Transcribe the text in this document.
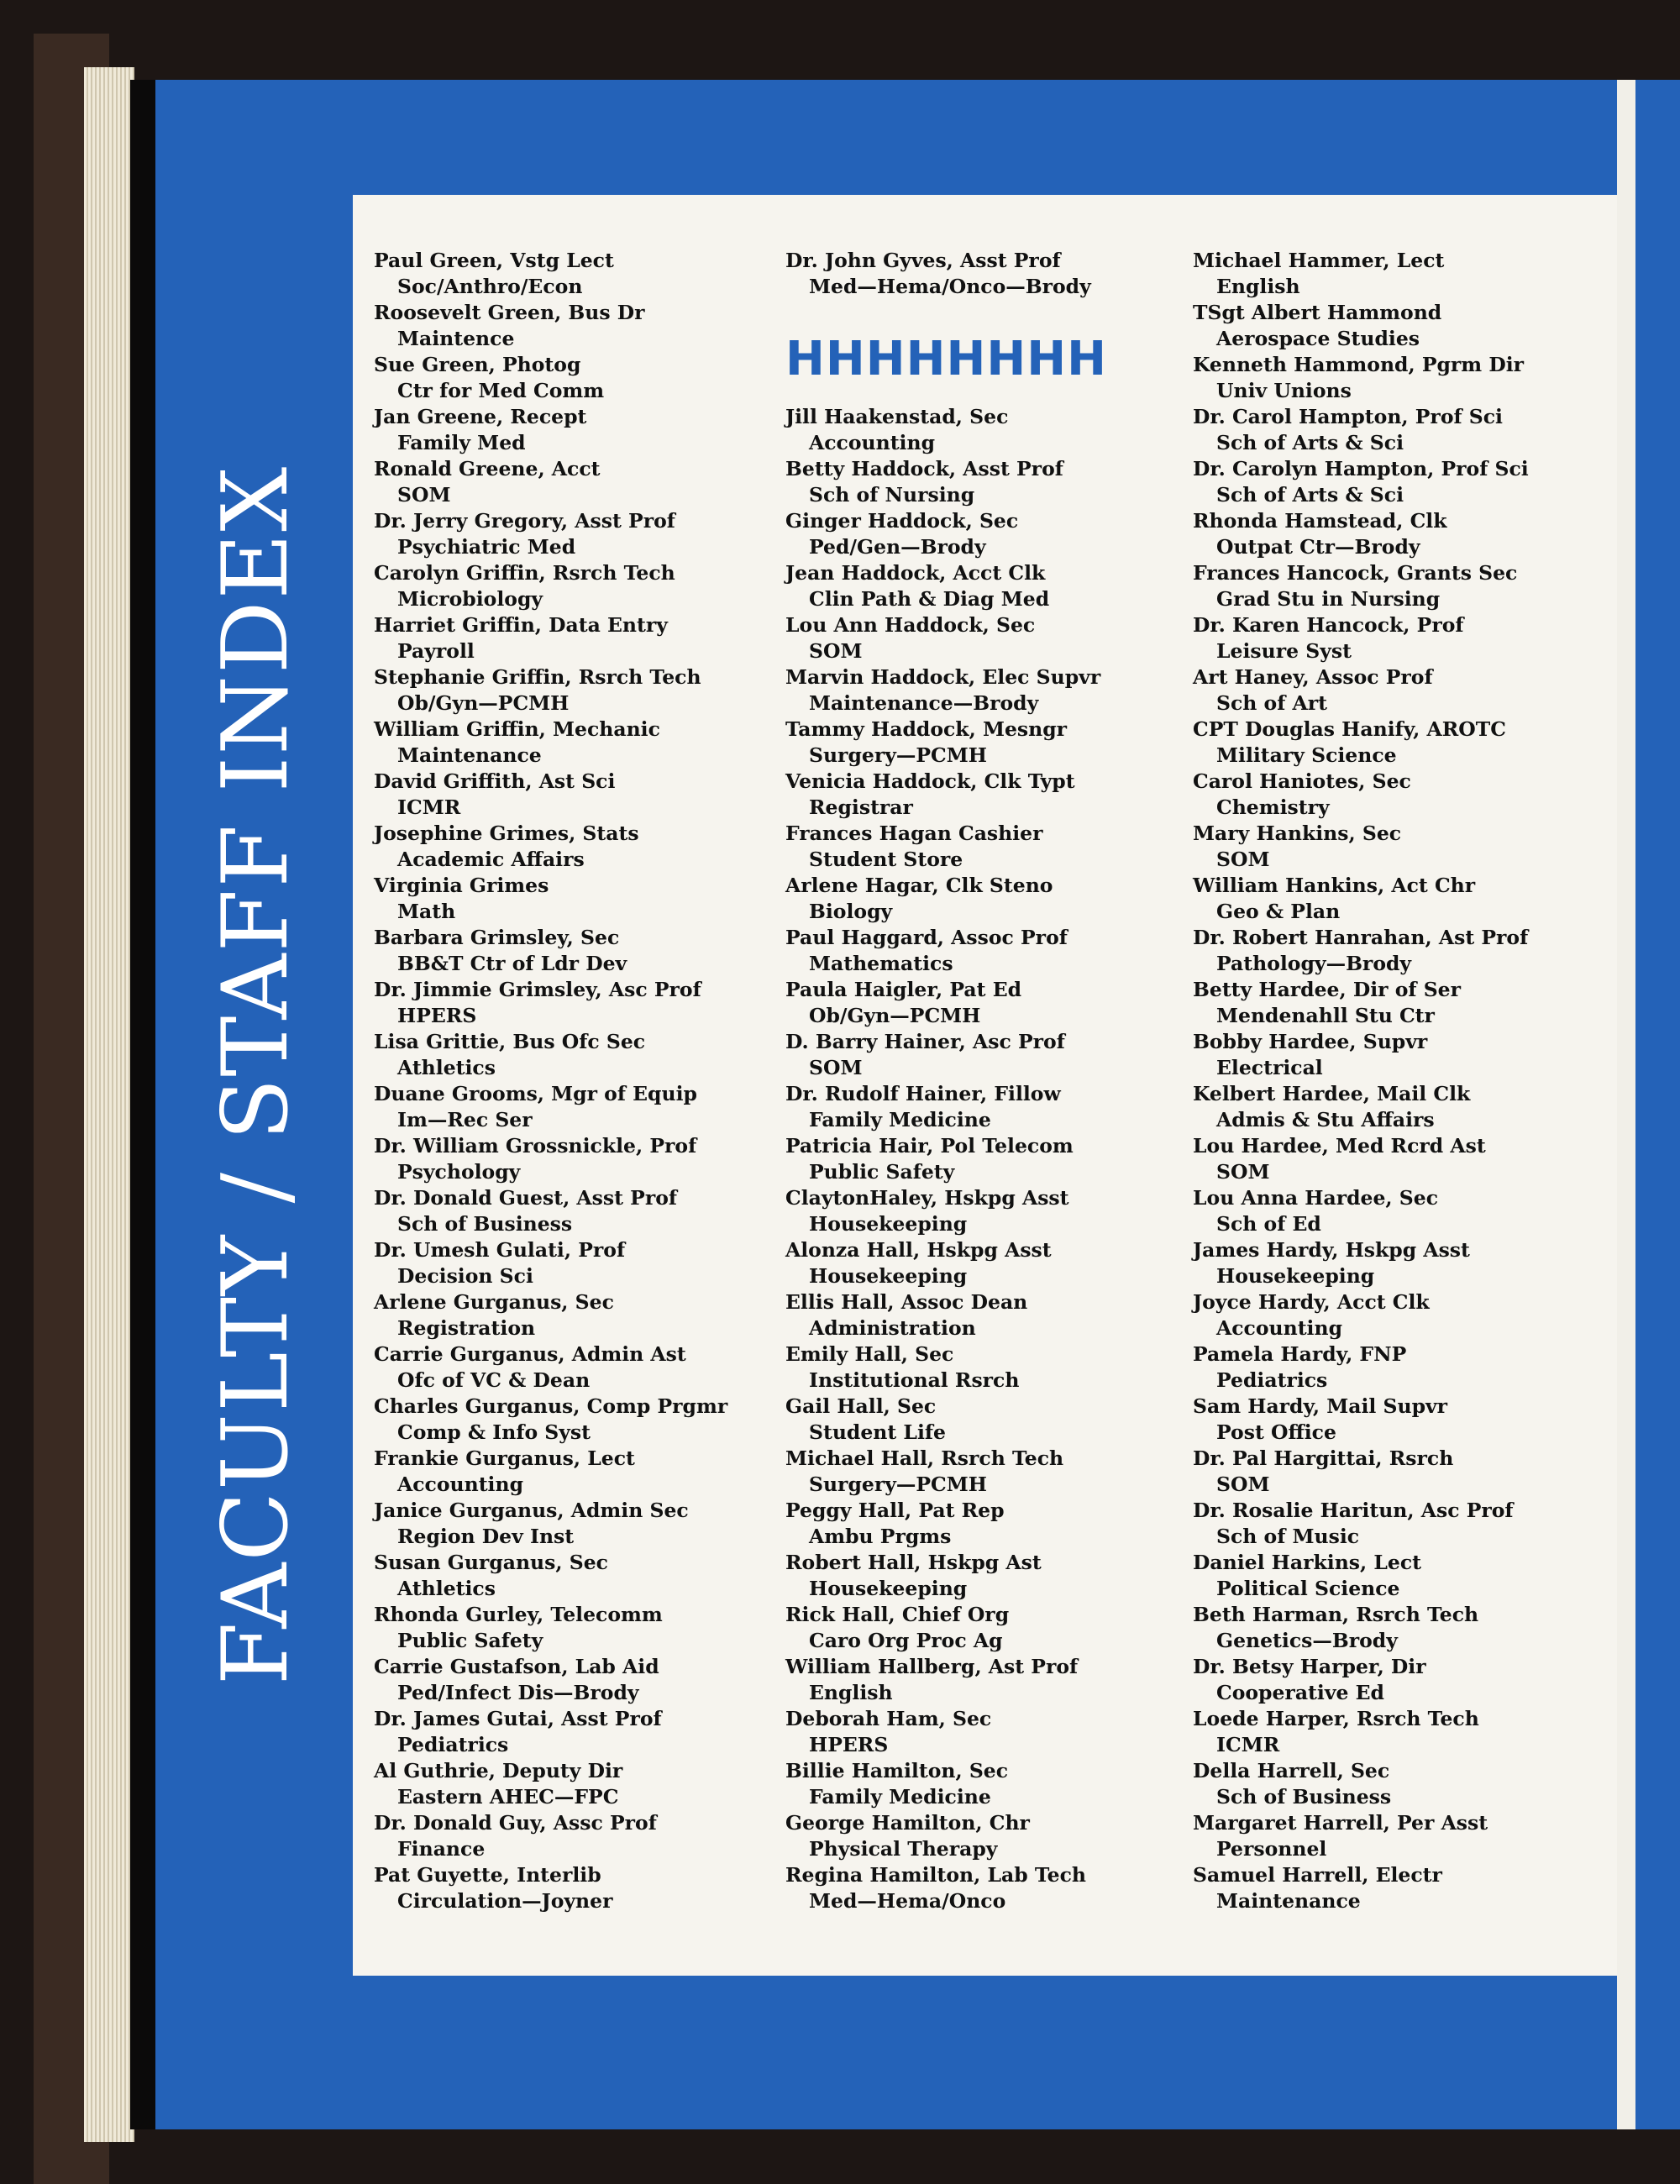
FACULTY / STAFF INDEX
Paul Green, Vstg Lect
Soc/Anthro/Econ
Roosevelt Green, Bus Dr
Maintence
Sue Green, Photog
Ctr for Med Comm
Jan Greene, Recept
Family Med
Ronald Greene, Acct
SOM
Dr. Jerry Gregory, Asst Prof
Psychiatric Med
Carolyn Griffin, Rsrch Tech
Microbiology
Harriet Griffin, Data Entry
Payroll
Stephanie Griffin, Rsrch Tech
Ob/Gyn—PCMH
William Griffin, Mechanic
Maintenance
David Griffith, Ast Sci
ICMR
Josephine Grimes, Stats
Academic Affairs
Virginia Grimes
Math
Barbara Grimsley, Sec
BB&T Ctr of Ldr Dev
Dr. Jimmie Grimsley, Asc Prof
HPERS
Lisa Grittie, Bus Ofc Sec
Athletics
Duane Grooms, Mgr of Equip
Im—Rec Ser
Dr. William Grossnickle, Prof
Psychology
Dr. Donald Guest, Asst Prof
Sch of Business
Dr. Umesh Gulati, Prof
Decision Sci
Arlene Gurganus, Sec
Registration
Carrie Gurganus, Admin Ast
Ofc of VC & Dean
Charles Gurganus, Comp Prgmr
Comp & Info Syst
Frankie Gurganus, Lect
Accounting
Janice Gurganus, Admin Sec
Region Dev Inst
Susan Gurganus, Sec
Athletics
Rhonda Gurley, Telecomm
Public Safety
Carrie Gustafson, Lab Aid
Ped/Infect Dis—Brody
Dr. James Gutai, Asst Prof
Pediatrics
Al Guthrie, Deputy Dir
Eastern AHEC—FPC
Dr. Donald Guy, Assc Prof
Finance
Pat Guyette, Interlib
Circulation—Joyner
Dr. John Gyves, Asst Prof
Med—Hema/Onco—Brody
HHHHHHHH
Jill Haakenstad, Sec
Accounting
Betty Haddock, Asst Prof
Sch of Nursing
Ginger Haddock, Sec
Ped/Gen—Brody
Jean Haddock, Acct Clk
Clin Path & Diag Med
Lou Ann Haddock, Sec
SOM
Marvin Haddock, Elec Supvr
Maintenance—Brody
Tammy Haddock, Mesngr
Surgery—PCMH
Venicia Haddock, Clk Typt
Registrar
Frances Hagan Cashier
Student Store
Arlene Hagar, Clk Steno
Biology
Paul Haggard, Assoc Prof
Mathematics
Paula Haigler, Pat Ed
Ob/Gyn—PCMH
D. Barry Hainer, Asc Prof
SOM
Dr. Rudolf Hainer, Fillow
Family Medicine
Patricia Hair, Pol Telecom
Public Safety
ClaytonHaley, Hskpg Asst
Housekeeping
Alonza Hall, Hskpg Asst
Housekeeping
Ellis Hall, Assoc Dean
Administration
Emily Hall, Sec
Institutional Rsrch
Gail Hall, Sec
Student Life
Michael Hall, Rsrch Tech
Surgery—PCMH
Peggy Hall, Pat Rep
Ambu Prgms
Robert Hall, Hskpg Ast
Housekeeping
Rick Hall, Chief Org
Caro Org Proc Ag
William Hallberg, Ast Prof
English
Deborah Ham, Sec
HPERS
Billie Hamilton, Sec
Family Medicine
George Hamilton, Chr
Physical Therapy
Regina Hamilton, Lab Tech
Med—Hema/Onco
Michael Hammer, Lect
English
TSgt Albert Hammond
Aerospace Studies
Kenneth Hammond, Pgrm Dir
Univ Unions
Dr. Carol Hampton, Prof Sci
Sch of Arts & Sci
Dr. Carolyn Hampton, Prof Sci
Sch of Arts & Sci
Rhonda Hamstead, Clk
Outpat Ctr—Brody
Frances Hancock, Grants Sec
Grad Stu in Nursing
Dr. Karen Hancock, Prof
Leisure Syst
Art Haney, Assoc Prof
Sch of Art
CPT Douglas Hanify, AROTC
Military Science
Carol Haniotes, Sec
Chemistry
Mary Hankins, Sec
SOM
William Hankins, Act Chr
Geo & Plan
Dr. Robert Hanrahan, Ast Prof
Pathology—Brody
Betty Hardee, Dir of Ser
Mendenahll Stu Ctr
Bobby Hardee, Supvr
Electrical
Kelbert Hardee, Mail Clk
Admis & Stu Affairs
Lou Hardee, Med Rcrd Ast
SOM
Lou Anna Hardee, Sec
Sch of Ed
James Hardy, Hskpg Asst
Housekeeping
Joyce Hardy, Acct Clk
Accounting
Pamela Hardy, FNP
Pediatrics
Sam Hardy, Mail Supvr
Post Office
Dr. Pal Hargittai, Rsrch
SOM
Dr. Rosalie Haritun, Asc Prof
Sch of Music
Daniel Harkins, Lect
Political Science
Beth Harman, Rsrch Tech
Genetics—Brody
Dr. Betsy Harper, Dir
Cooperative Ed
Loede Harper, Rsrch Tech
ICMR
Della Harrell, Sec
Sch of Business
Margaret Harrell, Per Asst
Personnel
Samuel Harrell, Electr
Maintenance
